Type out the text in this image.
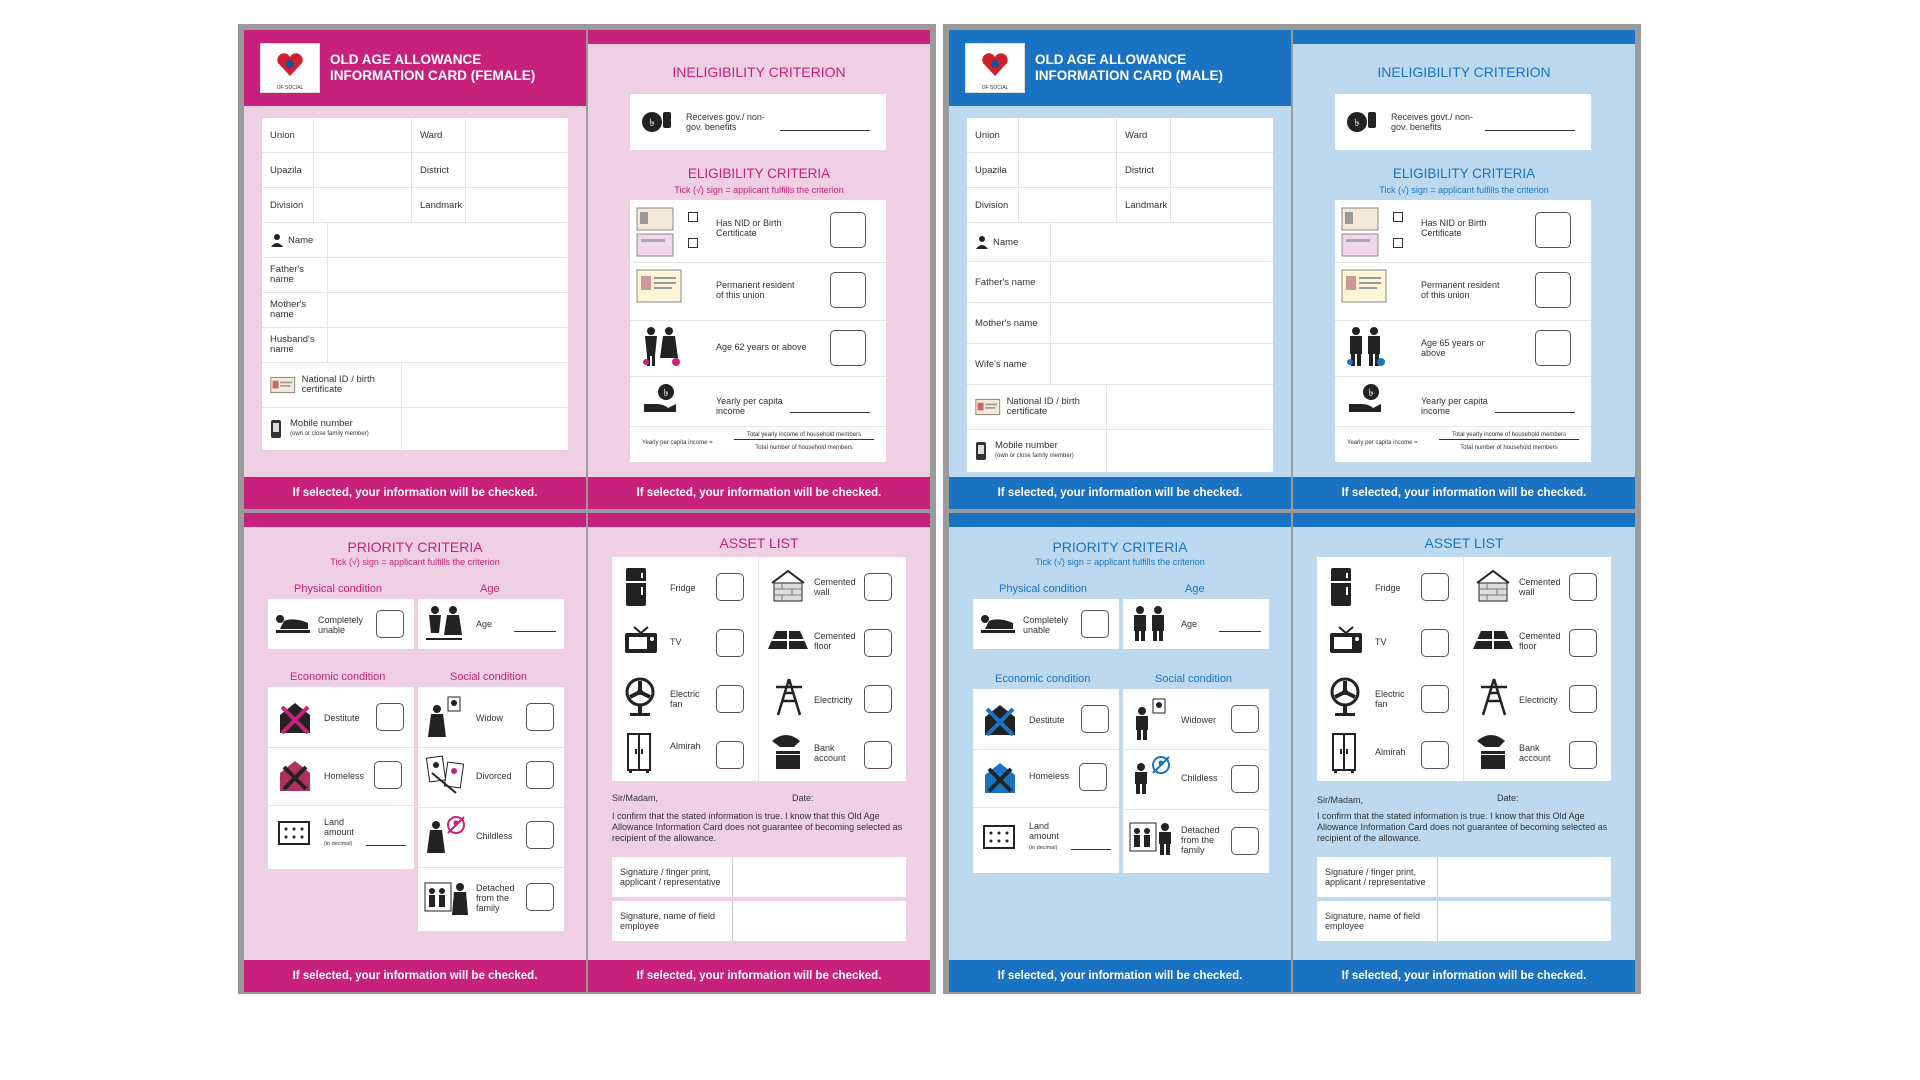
OF SOCIAL
OLD AGE ALLOWANCE
INFORMATION CARD (FEMALE)
Union	Ward
Upazila	District
Division	Landmark
Name
Father's name
Mother's name
Husband's name
National ID / birth certificate
Mobile number
(own or close family member)
If selected, your information will be checked.
INELIGIBILITY CRITERION
৳
Receives gov./ non-gov. benefits
ELIGIBILITY CRITERIA
Tick (√) sign = applicant fulfills the criterion
Has NID or Birth Certificate
Permanent resident of this union
Age 62 years or above
৳
Yearly per capita income
Yearly per capita income =
Total yearly income of household members
Total number of household members
If selected, your information will be checked.
PRIORITY CRITERIA
Tick (√) sign = applicant fulfills the criterion
Physical condition	Age
Completely unable
Age
Economic condition	Social condition
Destitute
Homeless
Land amount
(in decimal)
Widow
Divorced
Childless
Detached from the family
If selected, your information will be checked.
ASSET LIST
Fridge
TV
Electric fan
Almirah
Cemented wall
Cemented floor
Electricity
Bank account
Sir/Madam,	Date:
I confirm that the stated information is true. I know that this Old Age Allowance Information Card does not guarantee of becoming selected as recipient of the allowance.
Signature / finger print, applicant / representative
Signature, name of field employee
If selected, your information will be checked.
OF SOCIAL
OLD AGE ALLOWANCE
INFORMATION CARD (MALE)
Union	Ward
Upazila	District
Division	Landmark
Name
Father's name
Mother's name
Wife's name
National ID / birth certificate
Mobile number
(own or close family member)
If selected, your information will be checked.
INELIGIBILITY CRITERION
৳
Receives govt./ non-gov. benefits
ELIGIBILITY CRITERIA
Tick (√) sign = applicant fulfills the criterion
Has NID or Birth Certificate
Permanent resident of this union
Age 65 years or above
৳
Yearly per capita income
Yearly per capita income =
Total yearly income of household members
Total number of household members
If selected, your information will be checked.
PRIORITY CRITERIA
Tick (√) sign = applicant fulfills the criterion
Physical condition	Age
Completely unable
Age
Economic condition	Social condition
Destitute
Homeless
Land amount
(in decimal)
Widower
Childless
Detached from the family
If selected, your information will be checked.
ASSET LIST
Fridge
TV
Electric fan
Almirah
Cemented wall
Cemented floor
Electricity
Bank account
Sir/Madam,	Date:
I confirm that the stated information is true. I know that this Old Age Allowance Information Card does not guarantee of becoming selected as recipient of the allowance.
Signature / finger print, applicant / representative
Signature, name of field employee
If selected, your information will be checked.
